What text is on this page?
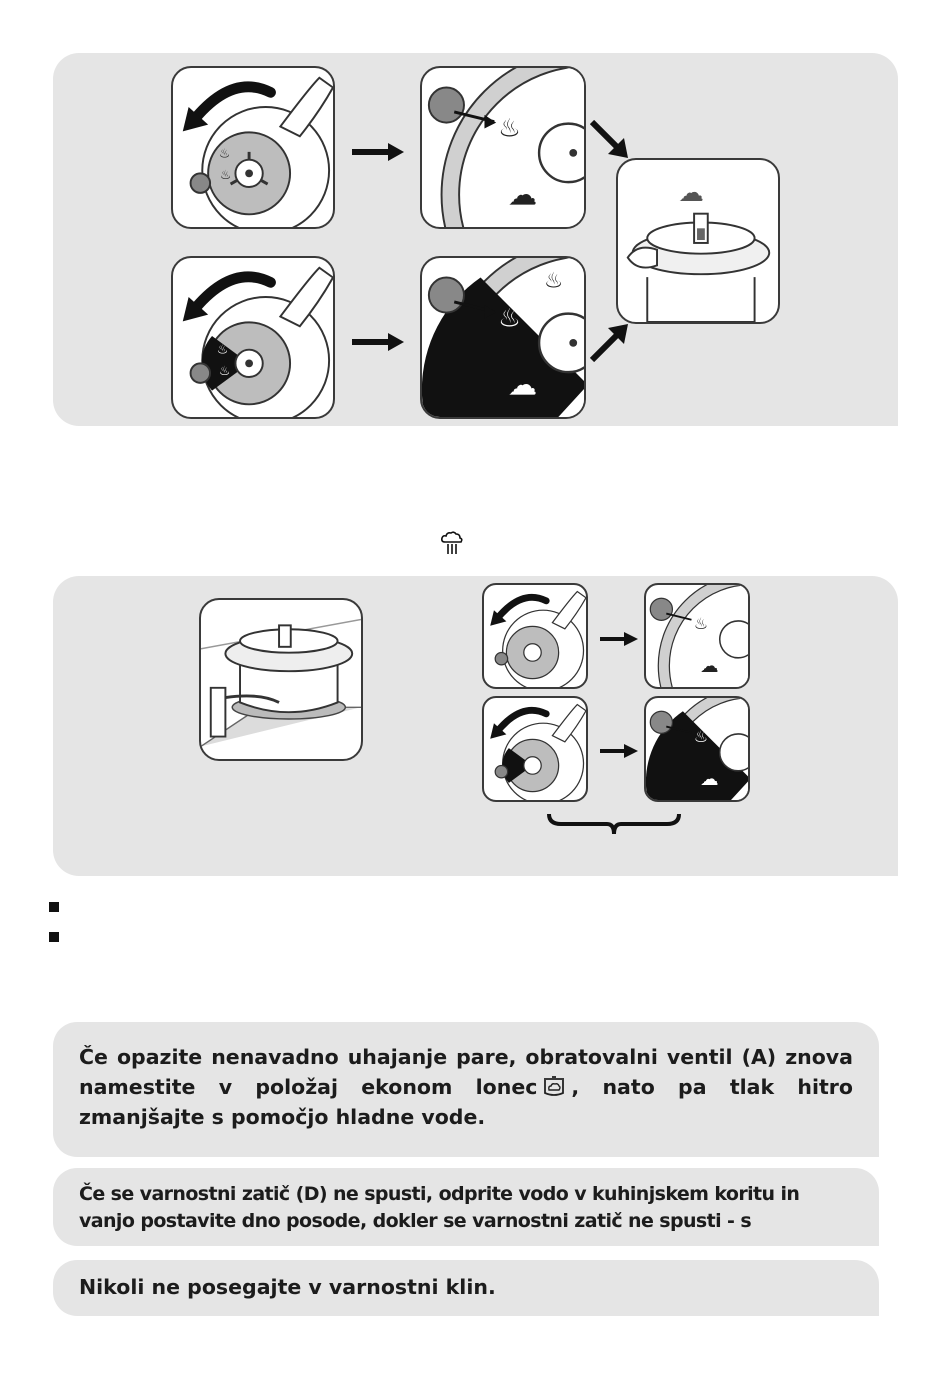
♨
♨
♨
☁	☁
♨
♨
♨
☁
♨
♨
☁
♨
☁
Če opazite nenavadno uhajanje pare, obratovalni ventil (A) znova
namestite v položaj ekonom lonec , nato pa tlak hitro
zmanjšajte s pomočjo hladne vode.
Če se varnostni zatič (D) ne spusti, odprite vodo v kuhinjskem koritu in
vanjo postavite dno posode, dokler se varnostni zatič ne spusti - s
Nikoli ne posegajte v varnostni klin.
